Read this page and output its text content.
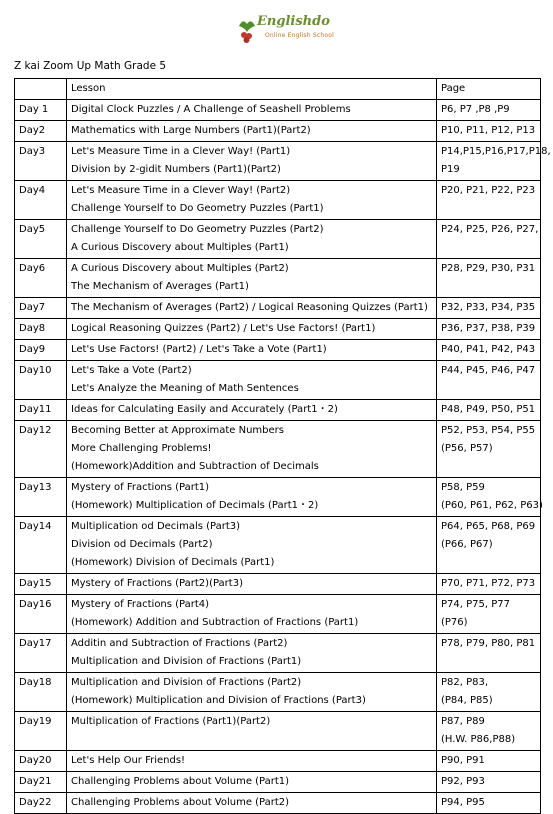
Englishdo
Online English School
Z kai Zoom Up Math Grade 5
	Lesson	Page
Day 1	Digital Clock Puzzles / A Challenge of Seashell Problems	P6, P7 ,P8 ,P9

Day2	Mathematics with Large Numbers (Part1)(Part2)	P10, P11, P12, P13

Day3	Let's Measure Time in a Clever Way! (Part1)
Division by 2-gidit Numbers (Part1)(Part2)	P14,P15,P16,P17,P18,
P19

Day4	Let's Measure Time in a Clever Way! (Part2)
Challenge Yourself to Do Geometry Puzzles (Part1)	P20, P21, P22, P23

Day5	Challenge Yourself to Do Geometry Puzzles (Part2)
A Curious Discovery about Multiples (Part1)	P24, P25, P26, P27,

Day6	A Curious Discovery about Multiples (Part2)
The Mechanism of Averages (Part1)	P28, P29, P30, P31

Day7	The Mechanism of Averages (Part2) / Logical Reasoning Quizzes (Part1)	P32, P33, P34, P35

Day8	Logical Reasoning Quizzes (Part2) / Let's Use Factors! (Part1)	P36, P37, P38, P39

Day9	Let's Use Factors! (Part2) / Let's Take a Vote (Part1)	P40, P41, P42, P43

Day10	Let's Take a Vote (Part2)
Let's Analyze the Meaning of Math Sentences	P44, P45, P46, P47

Day11	Ideas for Calculating Easily and Accurately (Part1・2)	P48, P49, P50, P51

Day12	Becoming Better at Approximate Numbers
More Challenging Problems!
(Homework)Addition and Subtraction of Decimals	P52, P53, P54, P55
(P56, P57)

Day13	Mystery of Fractions (Part1)
(Homework) Multiplication of Decimals (Part1・2)	P58, P59
(P60, P61, P62, P63)

Day14	Multiplication od Decimals (Part3)
Division od Decimals (Part2)
(Homework) Division of Decimals (Part1)	P64, P65, P68, P69
(P66, P67)

Day15	Mystery of Fractions (Part2)(Part3)	P70, P71, P72, P73

Day16	Mystery of Fractions (Part4)
(Homework) Addition and Subtraction of Fractions (Part1)	P74, P75, P77
(P76)

Day17	Additin and Subtraction of Fractions (Part2)
Multiplication and Division of Fractions (Part1)	P78, P79, P80, P81

Day18	Multiplication and Division of Fractions (Part2)
(Homework) Multiplication and Division of Fractions (Part3)	P82, P83,
(P84, P85)

Day19	Multiplication of Fractions (Part1)(Part2)	P87, P89
(H.W. P86,P88)

Day20	Let's Help Our Friends!	P90, P91

Day21	Challenging Problems about Volume (Part1)	P92, P93

Day22	Challenging Problems about Volume (Part2)	P94, P95
